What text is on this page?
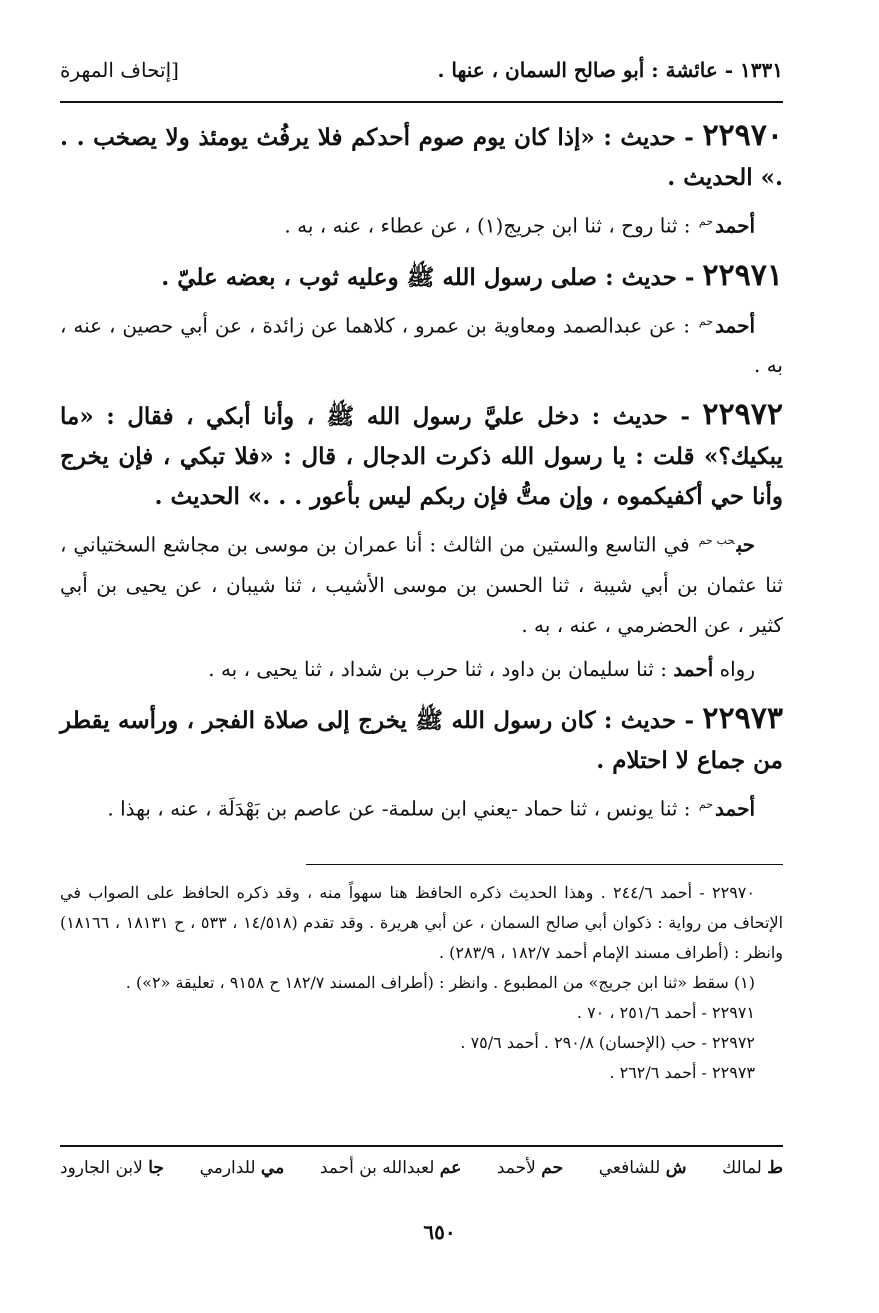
١٣٣١ - عائشة : أبو صالح السمان ، عنها .
[إتحاف المهرة
٢٢٩٧٠ - حديث : «إذا كان يوم صوم أحدكم فلا يرفُث يومئذ ولا يصخب . . .» الحديث .
أحمد$^{حم}$ : ثنا روح ، ثنا ابن جريج(١) ، عن عطاء ، عنه ، به .
٢٢٩٧١ - حديث : صلى رسول الله ﷺ وعليه ثوب ، بعضه عليّ .
أحمد$^{حم}$ : عن عبدالصمد ومعاوية بن عمرو ، كلاهما عن زائدة ، عن أبي حصين ، عنه ، به .
٢٢٩٧٢ - حديث : دخل عليَّ رسول الله ﷺ ، وأنا أبكي ، فقال : «ما يبكيك؟» قلت : يا رسول الله ذكرت الدجال ، قال : «فلا تبكي ، فإن يخرج وأنا حي أكفيكموه ، وإن متُّ فإن ربكم ليس بأعور . . .» الحديث .
حب$^{حب حم}$ في التاسع والستين من الثالث : أنا عمران بن موسى بن مجاشع السختياني ، ثنا عثمان بن أبي شيبة ، ثنا الحسن بن موسى الأشيب ، ثنا شيبان ، عن يحيى بن أبي كثير ، عن الحضرمي ، عنه ، به .
رواه أحمد : ثنا سليمان بن داود ، ثنا حرب بن شداد ، ثنا يحيى ، به .
٢٢٩٧٣ - حديث : كان رسول الله ﷺ يخرج إلى صلاة الفجر ، ورأسه يقطر من جماع لا احتلام .
أحمد$^{حم}$ : ثنا يونس ، ثنا حماد -يعني ابن سلمة- عن عاصم بن بَهْدَلَة ، عنه ، بهذا .
٢٢٩٧٠ - أحمد ٢٤٤/٦ . وهذا الحديث ذكره الحافظ هنا سهواً منه ، وقد ذكره الحافظ على الصواب في الإتحاف من رواية : ذكوان أبي صالح السمان ، عن أبي هريرة . وقد تقدم (١٤/٥١٨ ، ٥٣٣ ، ح ١٨١٣١ ، ١٨١٦٦) وانظر : (أطراف مسند الإمام أحمد ١٨٢/٧ ، ٢٨٣/٩) .
(١) سقط «ثنا ابن جريج» من المطبوع . وانظر : (أطراف المسند ١٨٢/٧ ح ٩١٥٨ ، تعليقة «٢») .
٢٢٩٧١ - أحمد ٢٥١/٦ ، ٧٠ .
٢٢٩٧٢ - حب (الإحسان) ٢٩٠/٨ . أحمد ٧٥/٦ .
٢٢٩٧٣ - أحمد ٢٦٢/٦ .
ط لمالك
ش للشافعي
حم لأحمد
عم لعبدالله بن أحمد
مي للدارمي
جا لابن الجارود
٦٥٠
